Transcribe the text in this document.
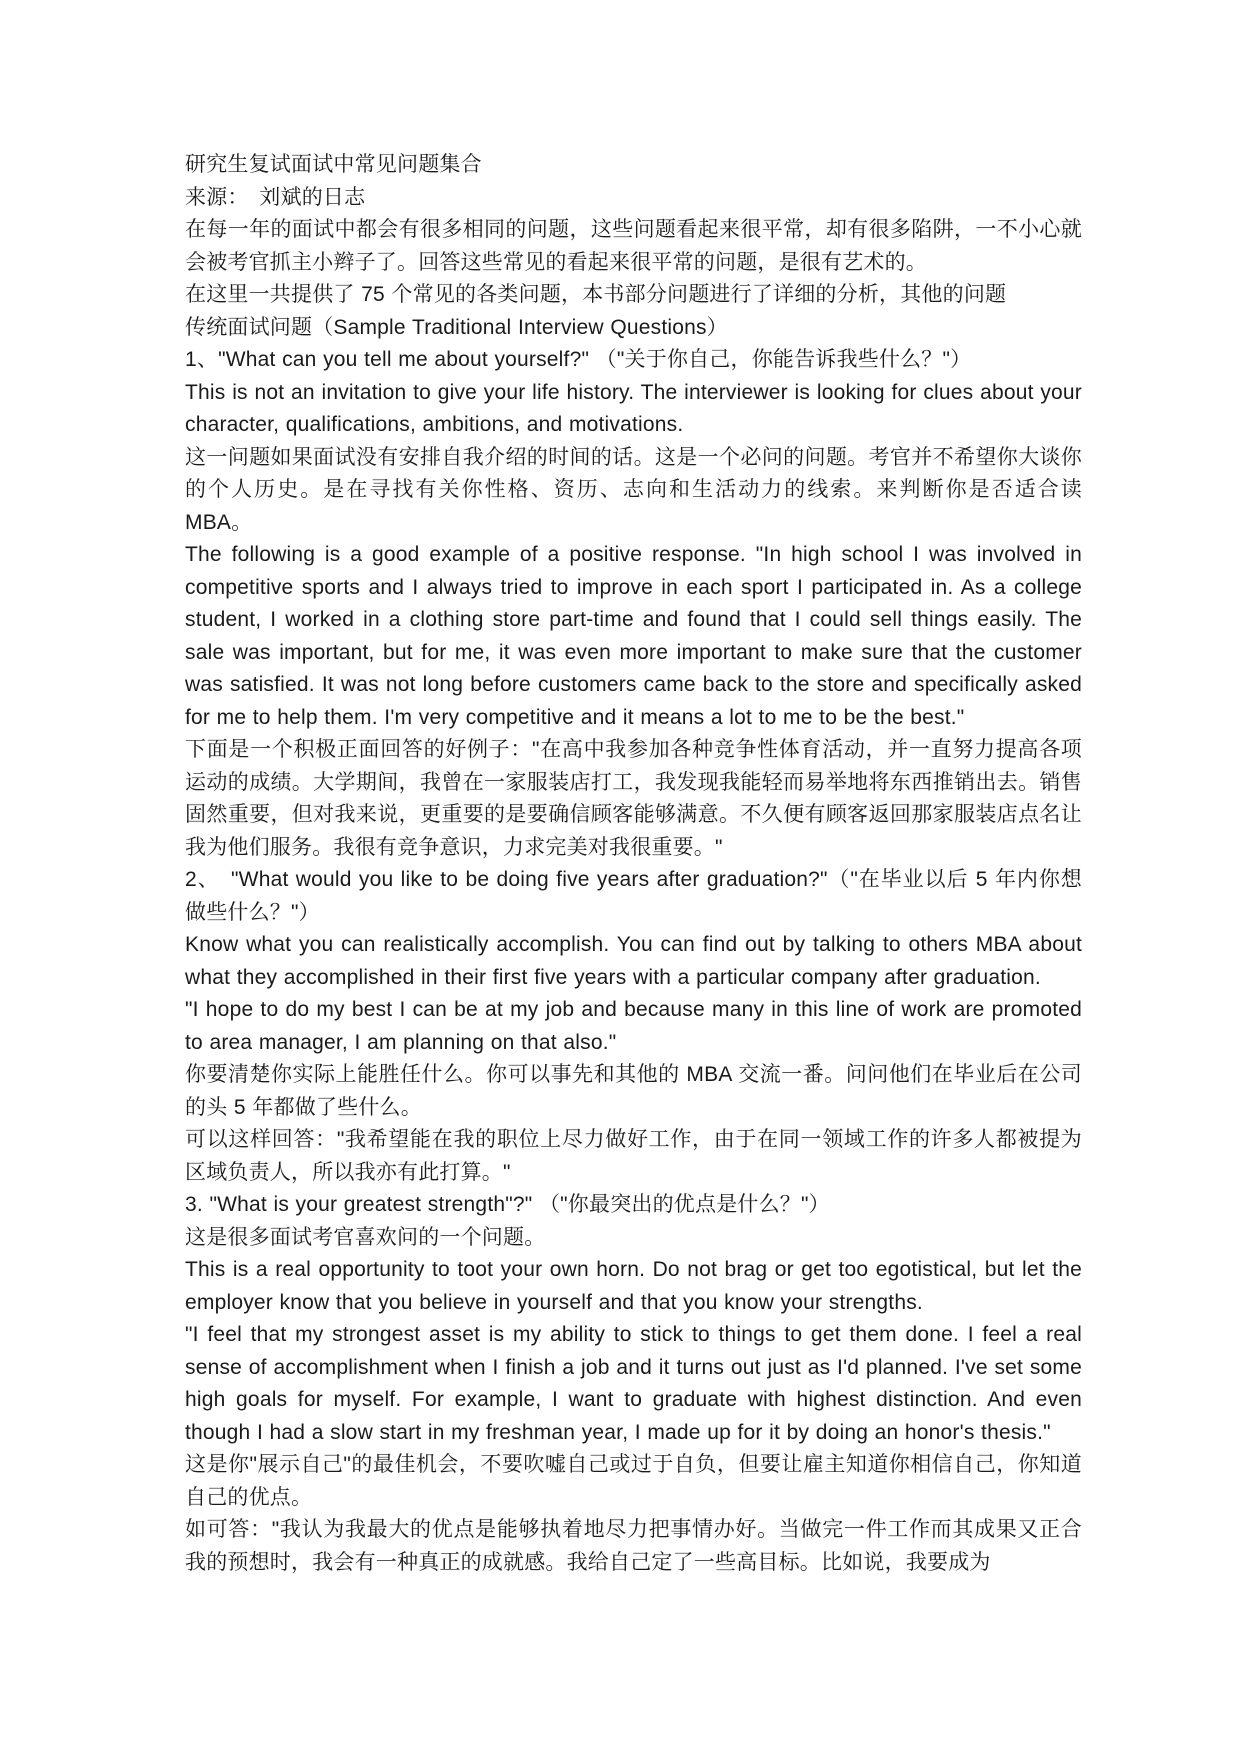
研究生复试面试中常见问题集合

来源：　刘斌的日志

在每一年的面试中都会有很多相同的问题，这些问题看起来很平常，却有很多陷阱，一不小心就会被考官抓主小辫子了。回答这些常见的看起来很平常的问题，是很有艺术的。

在这里一共提供了 75 个常见的各类问题，本书部分问题进行了详细的分析，其他的问题

传统面试问题（Sample Traditional Interview Questions）

1、"What can you tell me about yourself?" （"关于你自己，你能告诉我些什么？"）

This is not an invitation to give your life history. The interviewer is looking for clues about your character, qualifications, ambitions, and motivations.

这一问题如果面试没有安排自我介绍的时间的话。这是一个必问的问题。考官并不希望你大谈你的个人历史。是在寻找有关你性格、资历、志向和生活动力的线索。来判断你是否适合读 MBA。

The following is a good example of a positive response. "In high school I was involved in competitive sports and I always tried to improve in each sport I participated in. As a college student, I worked in a clothing store part-time and found that I could sell things easily. The sale was important, but for me, it was even more important to make sure that the customer was satisfied. It was not long before customers came back to the store and specifically asked for me to help them. I'm very competitive and it means a lot to me to be the best."

下面是一个积极正面回答的好例子："在高中我参加各种竞争性体育活动，并一直努力提高各项运动的成绩。大学期间，我曾在一家服装店打工，我发现我能轻而易举地将东西推销出去。销售固然重要，但对我来说，更重要的是要确信顾客能够满意。不久便有顾客返回那家服装店点名让我为他们服务。我很有竞争意识，力求完美对我很重要。"

2、　"What would you like to be doing five years after graduation?"（"在毕业以后 5 年内你想做些什么？"）

Know what you can realistically accomplish. You can find out by talking to others MBA about what they accomplished in their first five years with a particular company after graduation.

"I hope to do my best I can be at my job and because many in this line of work are promoted to area manager, I am planning on that also."

你要清楚你实际上能胜任什么。你可以事先和其他的 MBA 交流一番。问问他们在毕业后在公司的头 5 年都做了些什么。

可以这样回答："我希望能在我的职位上尽力做好工作，由于在同一领域工作的许多人都被提为区域负责人，所以我亦有此打算。"

3. "What is your greatest strength"?" （"你最突出的优点是什么？"）

这是很多面试考官喜欢问的一个问题。

This is a real opportunity to toot your own horn. Do not brag or get too egotistical, but let the employer know that you believe in yourself and that you know your strengths.

"I feel that my strongest asset is my ability to stick to things to get them done. I feel a real sense of accomplishment when I finish a job and it turns out just as I'd planned. I've set some high goals for myself. For example, I want to graduate with highest distinction. And even though I had a slow start in my freshman year, I made up for it by doing an honor's thesis."

这是你"展示自己"的最佳机会，不要吹嘘自己或过于自负，但要让雇主知道你相信自己，你知道自己的优点。

如可答："我认为我最大的优点是能够执着地尽力把事情办好。当做完一件工作而其成果又正合我的预想时，我会有一种真正的成就感。我给自己定了一些高目标。比如说，我要成为
